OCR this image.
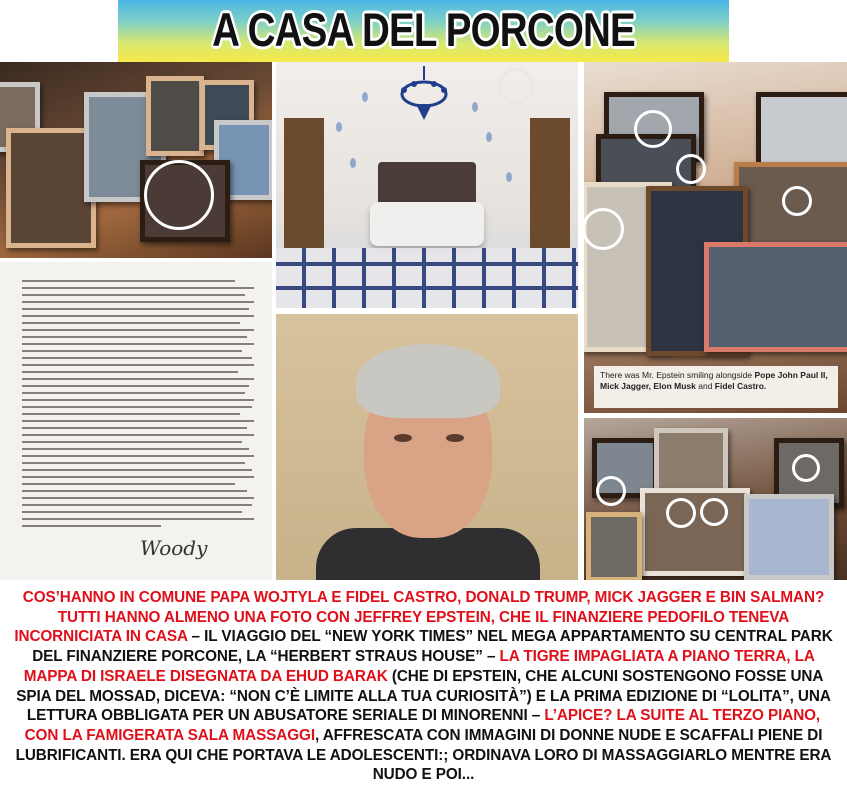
A CASA DEL PORCONE
There was Mr. Epstein smiling alongside Pope John Paul II, Mick Jagger, Elon Musk and Fidel Castro.
Woody
COS’HANNO IN COMUNE PAPA WOJTYLA E FIDEL CASTRO, DONALD TRUMP, MICK JAGGER E BIN SALMAN? TUTTI HANNO ALMENO UNA FOTO CON JEFFREY EPSTEIN, CHE IL FINANZIERE PEDOFILO TENEVA INCORNICIATA IN CASA – IL VIAGGIO DEL “NEW YORK TIMES” NEL MEGA APPARTAMENTO SU CENTRAL PARK DEL FINANZIERE PORCONE, LA “HERBERT STRAUS HOUSE” – LA TIGRE IMPAGLIATA A PIANO TERRA, LA MAPPA DI ISRAELE DISEGNATA DA EHUD BARAK (CHE DI EPSTEIN, CHE ALCUNI SOSTENGONO FOSSE UNA SPIA DEL MOSSAD, DICEVA: “NON C’È LIMITE ALLA TUA CURIOSITÀ”) E LA PRIMA EDIZIONE DI “LOLITA”, UNA LETTURA OBBLIGATA PER UN ABUSATORE SERIALE DI MINORENNI – L’APICE? LA SUITE AL TERZO PIANO, CON LA FAMIGERATA SALA MASSAGGI, AFFRESCATA CON IMMAGINI DI DONNE NUDE E SCAFFALI PIENE DI LUBRIFICANTI. ERA QUI CHE PORTAVA LE ADOLESCENTI:; ORDINAVA LORO DI MASSAGGIARLO MENTRE ERA NUDO E POI...
